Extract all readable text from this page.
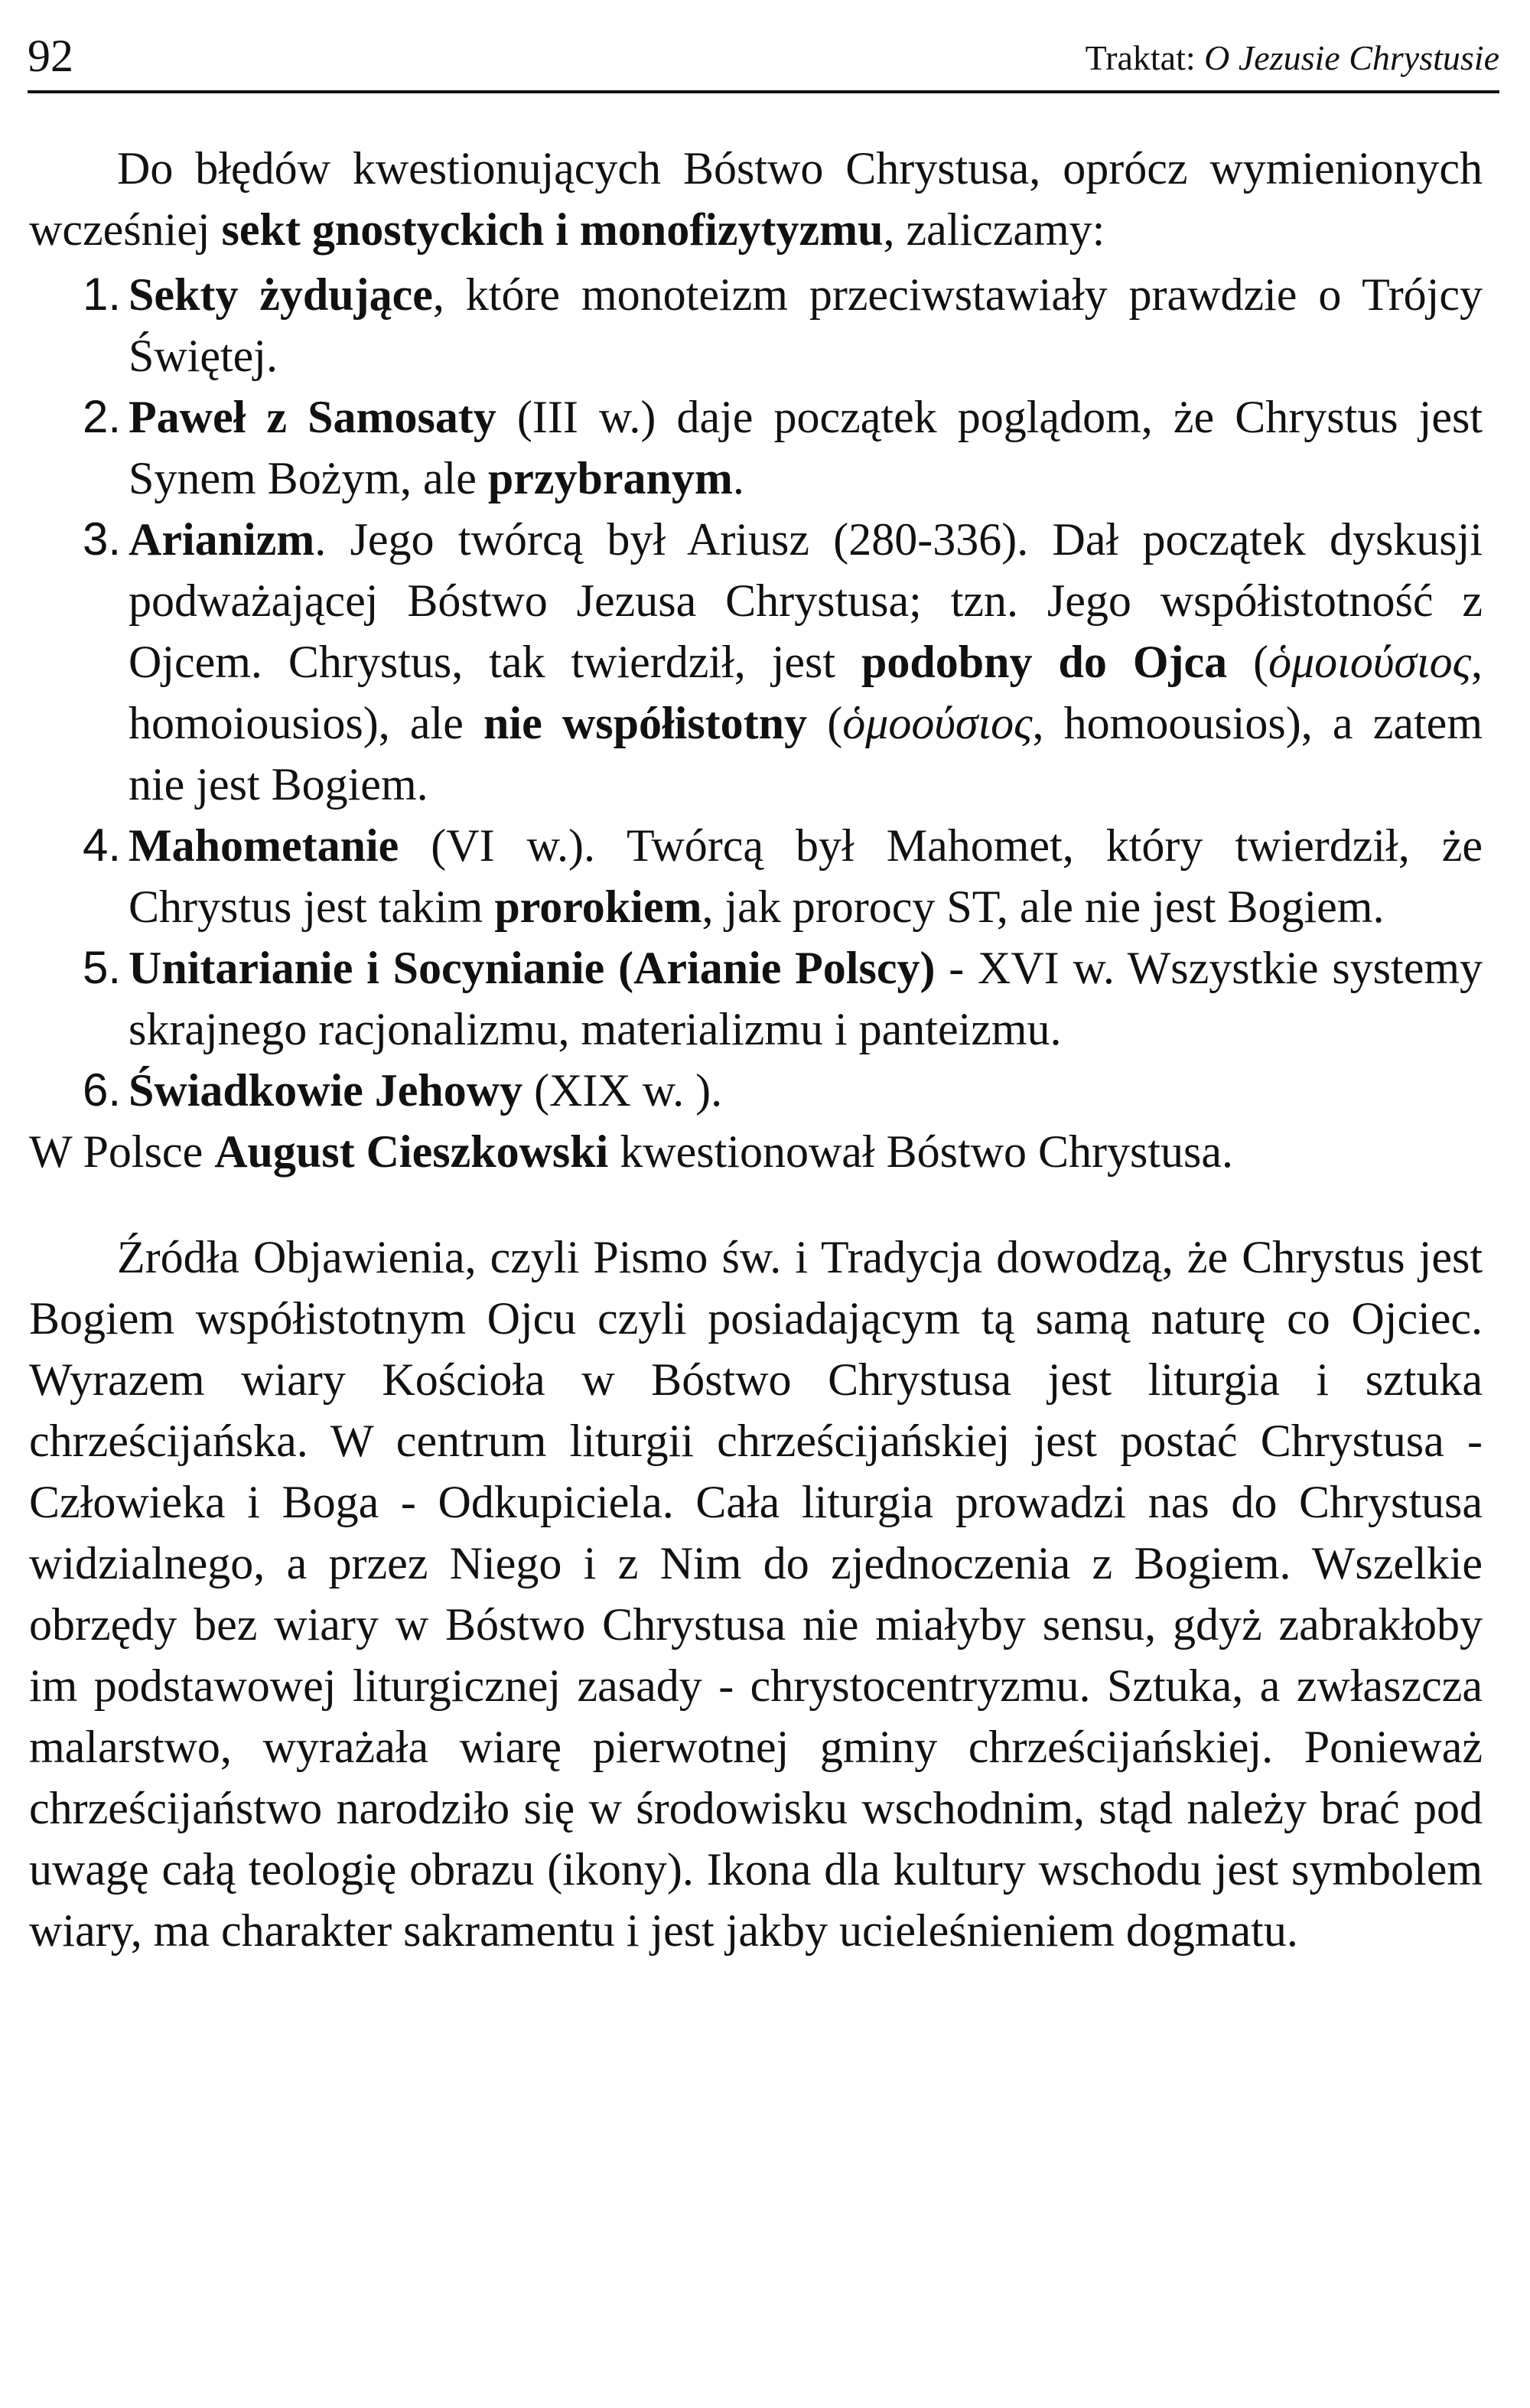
92	Traktat: O Jezusie Chrystusie

Do błędów kwestionujących Bóstwo Chrystusa, oprócz wymienionych wcześniej sekt gnostyckich i monofizytyzmu, zaliczamy:

1. Sekty żydujące, które monoteizm przeciwstawiały prawdzie o Trójcy Świętej.
2. Paweł z Samosaty (III w.) daje początek poglądom, że Chrystus jest Synem Bożym, ale przybranym.
3. Arianizm. Jego twórcą był Ariusz (280-336). Dał początek dyskusji podważającej Bóstwo Jezusa Chrystusa; tzn. Jego współistotność z Ojcem. Chrystus, tak twierdził, jest podobny do Ojca (ὁμοιούσιος, homoiousios), ale nie współistotny (ὁμοούσιος, homoousios), a zatem nie jest Bogiem.
4. Mahometanie (VI w.). Twórcą był Mahomet, który twierdził, że Chrystus jest takim prorokiem, jak prorocy ST, ale nie jest Bogiem.
5. Unitarianie i Socynianie (Arianie Polscy) - XVI w. Wszystkie systemy skrajnego racjonalizmu, materializmu i panteizmu.
6. Świadkowie Jehowy (XIX w. ).

W Polsce August Cieszkowski kwestionował Bóstwo Chrystusa.

Źródła Objawienia, czyli Pismo św. i Tradycja dowodzą, że Chrystus jest Bogiem współistotnym Ojcu czyli posiadającym tą samą naturę co Ojciec. Wyrazem wiary Kościoła w Bóstwo Chrystusa jest liturgia i sztuka chrześcijańska. W centrum liturgii chrześcijańskiej jest postać Chrystusa - Człowieka i Boga - Odkupiciela. Cała liturgia prowadzi nas do Chrystusa widzialnego, a przez Niego i z Nim do zjednoczenia z Bogiem. Wszelkie obrzędy bez wiary w Bóstwo Chrystusa nie miałyby sensu, gdyż zabrakłoby im podstawowej liturgicznej zasady - chrystocentryzmu. Sztuka, a zwłaszcza malarstwo, wyrażała wiarę pierwotnej gminy chrześcijańskiej. Ponieważ chrześcijaństwo narodziło się w środowisku wschodnim, stąd należy brać pod uwagę całą teologię obrazu (ikony). Ikona dla kultury wschodu jest symbolem wiary, ma charakter sakramentu i jest jakby ucieleśnieniem dogmatu.
